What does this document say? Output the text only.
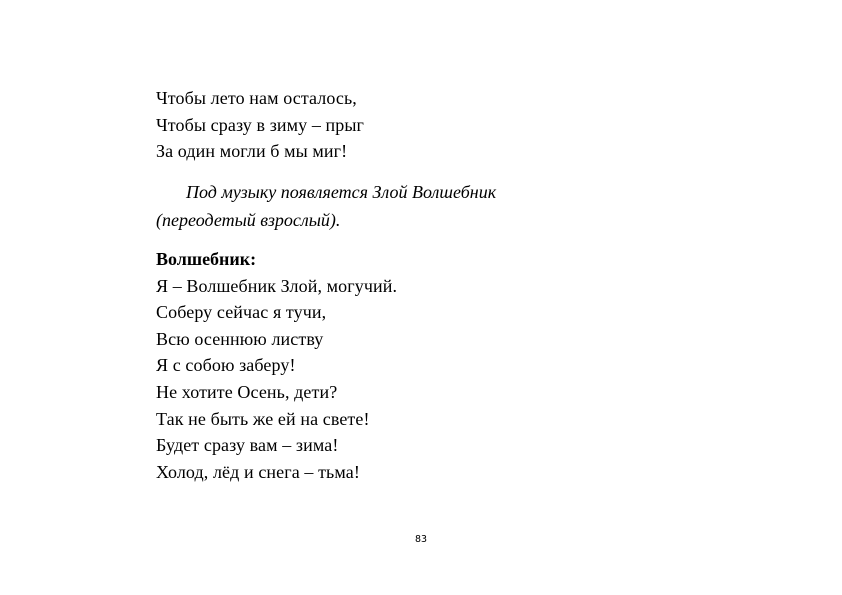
Чтобы лето нам осталось,
Чтобы сразу в зиму – прыг
За один могли б мы миг!
Под музыку появляется Злой Волшебник
(переодетый взрослый).
Волшебник:
Я – Волшебник Злой, могучий.
Соберу сейчас я тучи,
Всю осеннюю листву
Я с собою заберу!
Не хотите Осень, дети?
Так не быть же ей на свете!
Будет сразу вам – зима!
Холод, лёд и снега – тьма!
83
